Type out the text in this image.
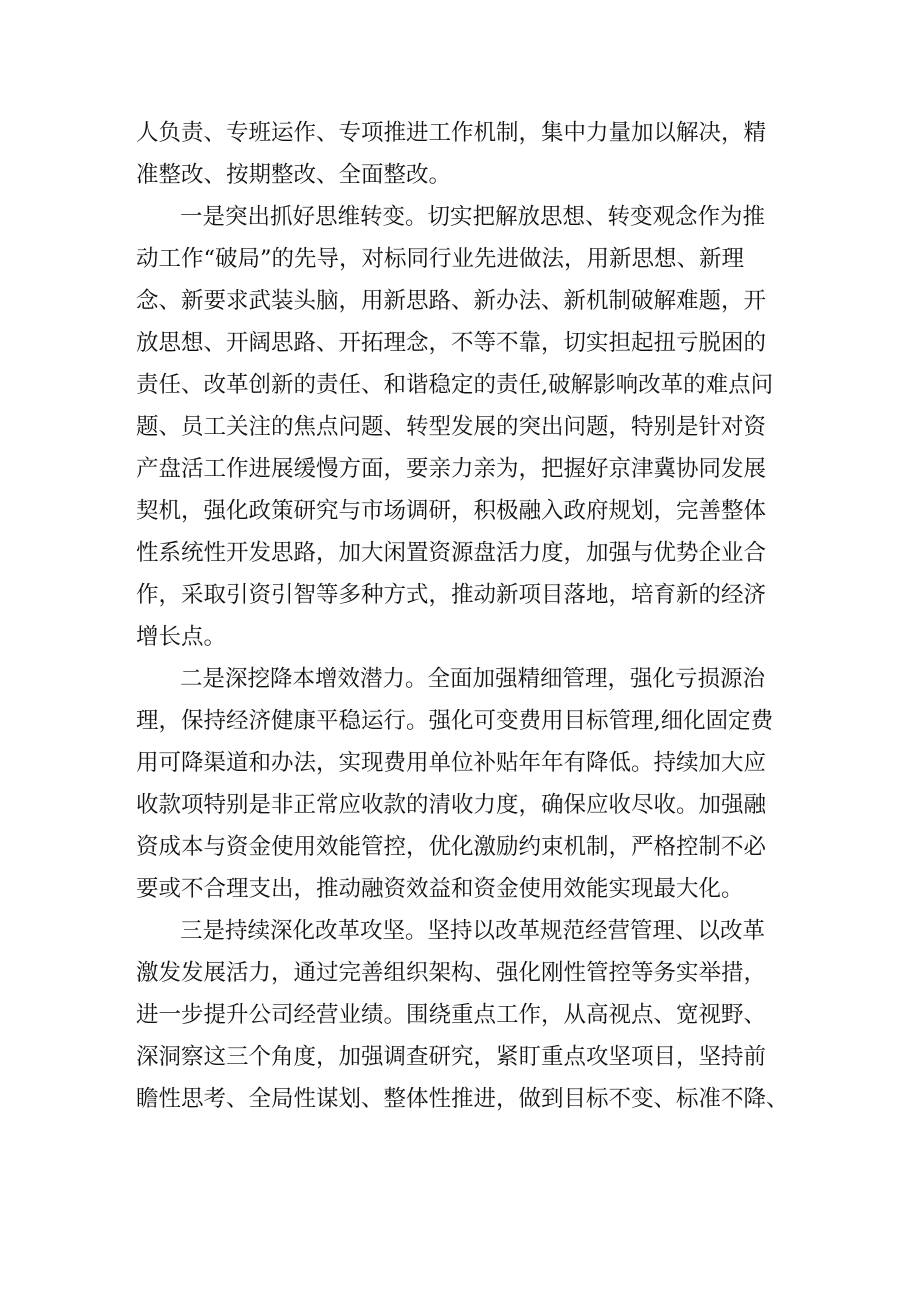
人负责、专班运作、专项推进工作机制，集中力量加以解决，精
准整改、按期整改、全面整改。

一是突出抓好思维转变。切实把解放思想、转变观念作为推
动工作“破局”的先导，对标同行业先进做法，用新思想、新理
念、新要求武装头脑，用新思路、新办法、新机制破解难题，开
放思想、开阔思路、开拓理念，不等不靠，切实担起扭亏脱困的
责任、改革创新的责任、和谐稳定的责任,破解影响改革的难点问
题、员工关注的焦点问题、转型发展的突出问题，特别是针对资
产盘活工作进展缓慢方面，要亲力亲为，把握好京津冀协同发展
契机，强化政策研究与市场调研，积极融入政府规划，完善整体
性系统性开发思路，加大闲置资源盘活力度，加强与优势企业合
作，采取引资引智等多种方式，推动新项目落地，培育新的经济
增长点。

二是深挖降本增效潜力。全面加强精细管理，强化亏损源治
理，保持经济健康平稳运行。强化可变费用目标管理,细化固定费
用可降渠道和办法，实现费用单位补贴年年有降低。持续加大应
收款项特别是非正常应收款的清收力度，确保应收尽收。加强融
资成本与资金使用效能管控，优化激励约束机制，严格控制不必
要或不合理支出，推动融资效益和资金使用效能实现最大化。

三是持续深化改革攻坚。坚持以改革规范经营管理、以改革
激发发展活力，通过完善组织架构、强化刚性管控等务实举措，
进一步提升公司经营业绩。围绕重点工作，从高视点、宽视野、
深洞察这三个角度，加强调查研究，紧盯重点攻坚项目，坚持前
瞻性思考、全局性谋划、整体性推进，做到目标不变、标准不降、
